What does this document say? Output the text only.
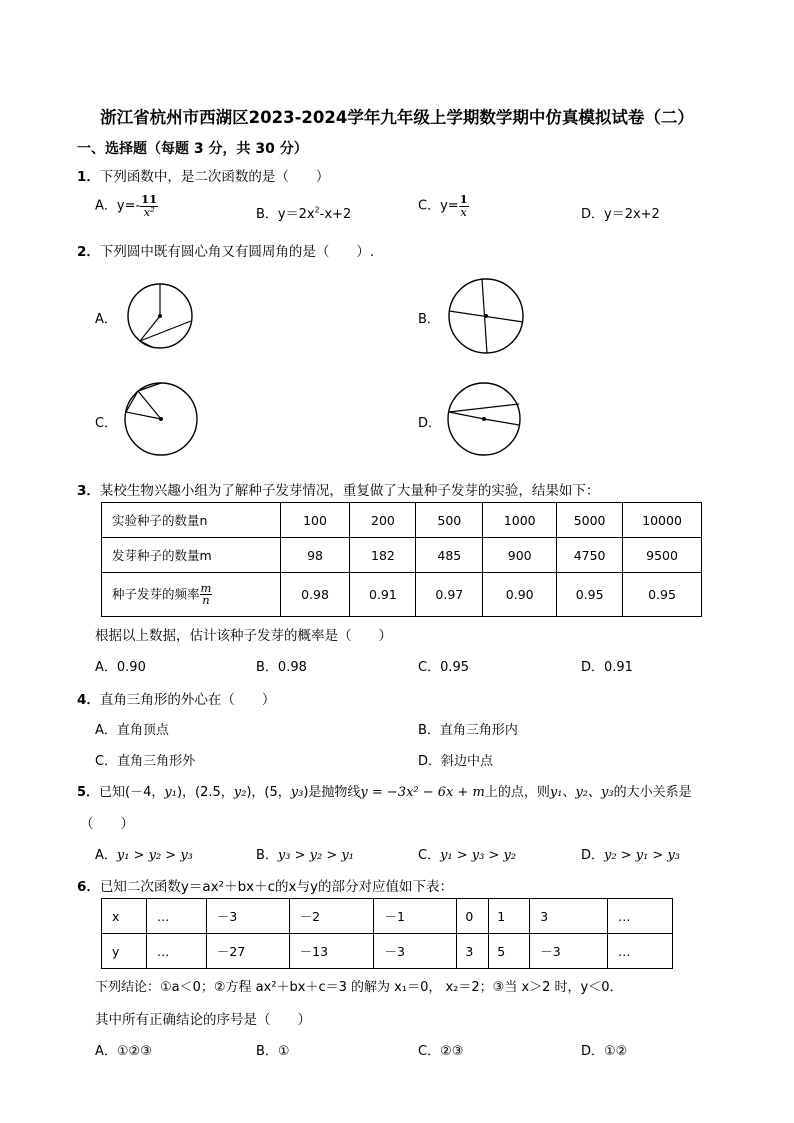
浙江省杭州市西湖区2023-2024学年九年级上学期数学期中仿真模拟试卷（二）
一、选择题（每题 3 分，共 30 分）
1．下列函数中，是二次函数的是（　　）
A．$y=- \frac{11}{\text{x²}}$	B．$y=2x^2-x+2$
C．$y= \frac{1}{x}$	D．y＝2x+2
2．下列圆中既有圆心角又有圆周角的是（　　）.
A．	B．
C．	D．
3．某校生物兴趣小组为了解种子发芽情况，重复做了大量种子发芽的实验，结果如下：
实验种子的数量n	100	200	500	1000	5000	10000
发芽种子的数量m	98	182	485	900	4750	9500
种子发芽的频率 $\frac{m}{n}$	0.98	0.91	0.97	0.90	0.95	0.95
根据以上数据，估计该种子发芽的概率是（　　）
A．0.90	B．0.98	C．0.95	D．0.91
4．直角三角形的外心在（　　）
A．直角顶点	B．直角三角形内
C．直角三角形外	D．斜边中点
5．已知(－4，y₁)，(2.5，y₂)，(5，y₃)是抛物线y = −3x² − 6x + m上的点，则y₁、y₂、y₃的大小关系是
（　　）
A．y₁ > y₂ > y₃	B．y₃ > y₂ > y₁	C．y₁ > y₃ > y₂	D．y₂ > y₁ > y₃
6．已知二次函数y＝ax²＋bx＋c的x与y的部分对应值如下表：
x	…	－3	－2	－1	0	1	3	…
y	…	－27	－13	－3	3	5	－3	…
下列结论：①a＜0；②方程 ax²＋bx＋c＝3 的解为 x₁＝0， x₂＝2；③当 x＞2 时，y＜0．
其中所有正确结论的序号是（　　）
A．①②③	B．①	C．②③	D．①②
